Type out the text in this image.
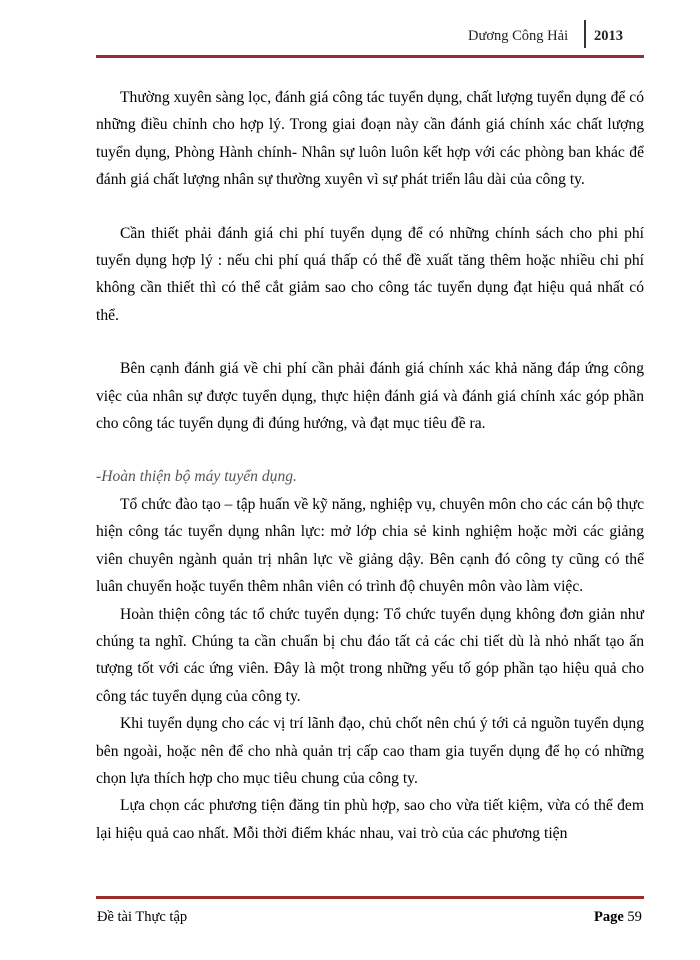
Dương Công Hải 2013

Thường xuyên sàng lọc, đánh giá công tác tuyển dụng, chất lượng tuyển dụng để có những điều chỉnh cho hợp lý. Trong giai đoạn này cần đánh giá chính xác chất lượng tuyển dụng, Phòng Hành chính- Nhân sự luôn luôn kết hợp với các phòng ban khác để đánh giá chất lượng nhân sự thường xuyên vì sự phát triển lâu dài của công ty.

Cần thiết phải đánh giá chi phí tuyển dụng để có những chính sách cho phi phí tuyển dụng hợp lý : nếu chi phí quá thấp có thể đề xuất tăng thêm hoặc nhiều chi phí không cần thiết thì có thể cắt giảm sao cho công tác tuyển dụng đạt hiệu quả nhất có thể.

Bên cạnh đánh giá về chi phí cần phải đánh giá chính xác khả năng đáp ứng công việc của nhân sự được tuyển dụng, thực hiện đánh giá và đánh giá chính xác góp phần cho công tác tuyển dụng đi đúng hướng, và đạt mục tiêu đề ra.

-Hoàn thiện bộ máy tuyển dụng.

Tổ chức đào tạo – tập huấn về kỹ năng, nghiệp vụ, chuyên môn cho các cán bộ thực hiện công tác tuyển dụng nhân lực: mở lớp chia sẻ kinh nghiệm hoặc mời các giảng viên chuyên ngành quản trị nhân lực về giảng dậy. Bên cạnh đó công ty cũng có thể luân chuyển hoặc tuyển thêm nhân viên có trình độ chuyên môn vào làm việc.

Hoàn thiện công tác tổ chức tuyển dụng: Tổ chức tuyển dụng không đơn giản như chúng ta nghĩ. Chúng ta cần chuẩn bị chu đáo tất cả các chi tiết dù là nhỏ nhất tạo ấn tượng tốt với các ứng viên. Đây là một trong những yếu tố góp phần tạo hiệu quả cho công tác tuyển dụng của công ty.

Khi tuyển dụng cho các vị trí lãnh đạo, chủ chốt nên chú ý tới cả nguồn tuyển dụng bên ngoài, hoặc nên để cho nhà quản trị cấp cao tham gia tuyển dụng để họ có những chọn lựa thích hợp cho mục tiêu chung của công ty.

Lựa chọn các phương tiện đăng tin phù hợp, sao cho vừa tiết kiệm, vừa có thể đem lại hiệu quả cao nhất. Mỗi thời điểm khác nhau, vai trò của các phương tiện

Đề tài Thực tập	Page 59
